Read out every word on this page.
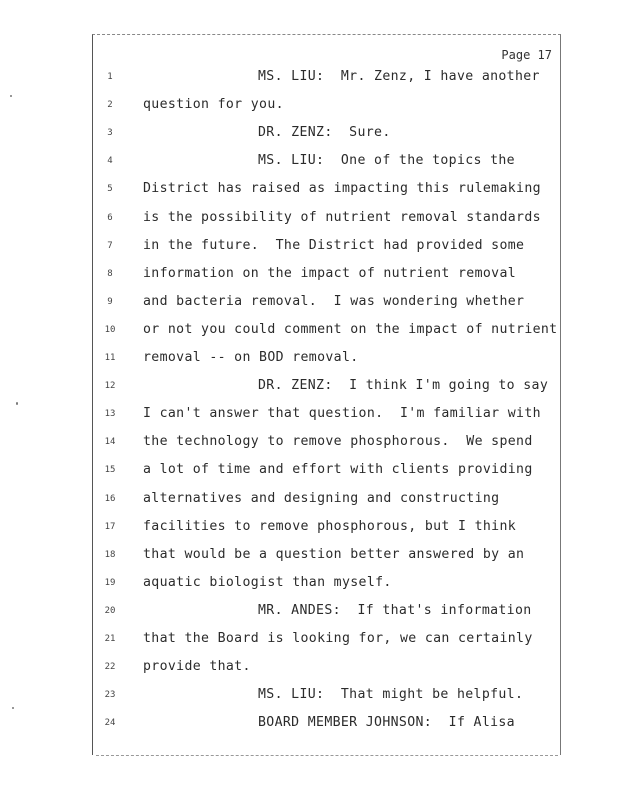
Page 17
1	MS. LIU:  Mr. Zenz, I have another
2	question for you.
3	DR. ZENZ:  Sure.
4	MS. LIU:  One of the topics the
5	District has raised as impacting this rulemaking
6	is the possibility of nutrient removal standards
7	in the future.  The District had provided some
8	information on the impact of nutrient removal
9	and bacteria removal.  I was wondering whether
10	or not you could comment on the impact of nutrient
11	removal -- on BOD removal.
12	DR. ZENZ:  I think I'm going to say
13	I can't answer that question.  I'm familiar with
14	the technology to remove phosphorous.  We spend
15	a lot of time and effort with clients providing
16	alternatives and designing and constructing
17	facilities to remove phosphorous, but I think
18	that would be a question better answered by an
19	aquatic biologist than myself.
20	MR. ANDES:  If that's information
21	that the Board is looking for, we can certainly
22	provide that.
23	MS. LIU:  That might be helpful.
24	BOARD MEMBER JOHNSON:  If Alisa
